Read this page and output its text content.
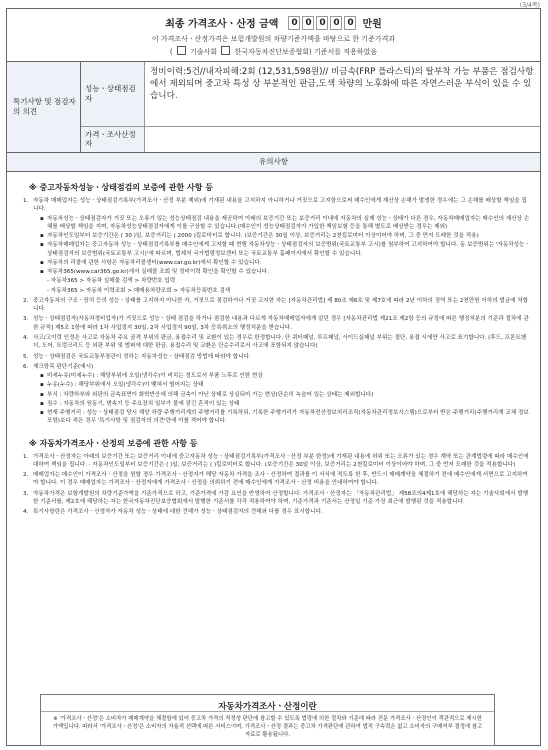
(3/4쪽)
최종 가격조사ㆍ산정 금액	0 0 0 0 0 만원
이 가격조사ㆍ산정가격은 보험개발원의 차량기준가액을 바탕으로 한 기준가격과
( 기술사회 한국자동차진단보증협회) 기준서를 적용하였음
특기사항 및 점검자의 의견
성능ㆍ상태점검자
정비이력:5건//내자피해:2회 (12,531,598원)// 비금속(FRP 플라스틱)의 탈부착 가능 부품은 점검사항에서 제외되며 중고차 특성 상 부분적인 판금,도색 차량의 노후화에 따른 자연스러운 부식이 있을 수 있습니다.
가격ㆍ조사산정자
유의사항
※ 중고자동차성능ㆍ상태점검의 보증에 관한 사항 등
1. 자동차 매매업자는 성능ㆍ상태점검기록부(가격조사ㆍ산정 부분 제외)에 기재된 내용을 고지하지 아니하거나 거짓으로 고지함으로써 매수인에게 재산상 손해가 발생한 경우에는 그 손해를 배상할 책임을 집니다.
▪ 자동차성능ㆍ상태점검자가 거짓 또는 오류가 있는 성능상태점검 내용을 제공하여 아래의 보증기간 또는 보증거리 이내에 자동차의 실제 성능ㆍ상태가 다른 경우, 자동차매매업자는 매수인의 재산상 손해를 배상할 책임을 지며, 자동차성능상태점검자에게 이를 구상할 수 있습니다.(매수인이 성능상태점검자가 가입한 책임보험 등을 통해 별도로 배상받는 경우는 제외)
▪ 자동차인도일부터 보증기간은 ( 30 )일, 보증거리는 ( 2000 )킬로미터로 합니다. (보증기간은 30일 이상, 보증거리는 2천킬로미터 이상이어야 하며, 그 중 먼저 도래한 것을 적용)
▪ 자동차매매업자는 중고자동차 성능ㆍ상태점검기록부를 매수인에게 고지할 때 현행 자동차성능ㆍ상태점검자의 보증범위(국토교통부 고시)를 첨부하여 고지하여야 합니다. 동 보증범위는 '자동차성능ㆍ상태점검자의 보증범위(국토교통부 고시)'에 따르며, 법제처 국가법령정보센터 또는 국토교통부 홈페이지에서 확인할 수 있습니다.
▪ 자동차의 리콜에 관한 사항은 자동차리콜센터(www.car.go.kr)에서 확인할 수 있습니다.
▪ 자동차365(www.car365.go.kr)에서 실매물 조회 및 정비이력 확인을 확인할 수 있습니다.
- 자동차365 > 자동차 실매물 검색 > 차량번호 입력
- 자동차365 > 자동차 이력조회 > 매매용차량조회 > 자동차등록번호 검색
2. 중고자동차의 구조ㆍ장치 등의 성능ㆍ상태를 고지하지 아니한 자, 거짓으로 점검하거나 거짓 고지한 자는 [자동차관리법] 제 80조 제6호 및 제7호에 따라 2년 이하의 징역 또는 2천만원 이하의 벌금에 처합니다.
3. 성능ㆍ상태점검자(자동차정비업자)가 거짓으로 성능ㆍ상태 점검을 하거나 점검한 내용과 다르게 자동차매매업자에게 알린 경우 [자동차관리법 제21조 제2항 등의 규정에 따른 행정처분의 기준과 절차에 관한 규칙] 제5조 1항에 따라 1차 사업정지 30일, 2차 사업정지 90일, 3차 등록취소의 행정처분을 받습니다.
4. 사고/고이력 인정은 사고로 자동차 주요 골격 부위의 판금, 용접수리 및 교환이 있는 경우로 한정합니다. 단 쿼터패널, 루프패널, 사이드실패널 부위는 절단, 용접 시에만 사고로 표기합니다. (후드, 프론트펜더, 도어, 트렁크리드 등 외판 부위 및 범퍼에 대한 판금, 용접수리 및 교환은 단순수리로서 사고에 포함되지 않습니다)
5. 성능ㆍ상태점검은 국토교통부장관이 정하는 자동차성능ㆍ상태점검 방법에 따라야 합니다.
6. 체크항목 판단기준(예시)
▪ 미세누유(미세누수) : 해당부위에 오일(냉각수)이 비치는 정도로서 부품 노후로 인한 현상
▪ 누유(누수) : 해당부위에서 오일(냉각수)이 맺혀서 떨어지는 상태
▪ 부식 : 차량하부와 외판의 금속표면이 화학반응에 의해 금속이 아닌 상태로 상실되어 가는 현상(단순히 녹슬어 있는 상태는 제외합니다)
▪ 침수 : 자동차의 원동기, 변속기 등 주요장치 일부가 물에 잠긴 흔적이 있는 상태
▪ 현재 주행거리 : 성능ㆍ상태점검 당시 해당 차량 주행거리계의 주행거리를 기록하되, 기록한 주행거리가 자동차전산정보처리조직(자동차관리정보시스템)으로부터 받은 주행거리(주행거리계 교체 정보 포함)보다 적은 경우 '특기사항 및 점검자의 의견'란에 이를 적어야 합니다.
※ 자동차가격조사ㆍ산정의 보증에 관한 사항 등
1. 가격조사ㆍ산정자는 아래의 보증기간 또는 보증거리 이내에 중고자동차 성능ㆍ상태점검기록부(가격조사ㆍ산정 부분 한정)에 기재된 내용에 허위 또는 오류가 있는 경우 계약 또는 관계법령에 따라 매수인에 대하여 책임을 집니다. · 자동차인도일부터 보증기간은 ( )일, 보증거리는 ( )킬로미터로 합니다. (보증기간은 30일 이상, 보증거리는 2천킬로미터 이상이어야 하며, 그 중 먼저 도래한 것을 적용합니다)
2. 매매업자는 매수인이 가격조사ㆍ산정을 원할 경우 가격조사ㆍ산정자가 해당 자동차 가격을 조사ㆍ산정하여 결과를 이 서식에 적도록 한 후, 반드시 매매계약을 체결하기 전에 매수인에게 서면으로 고지하여야 합니다. 이 경우 매매업자는 가격조사ㆍ산정자에게 가격조사ㆍ산정을 의뢰하기 전에 매수인에게 가격조사ㆍ산정 비용을 안내하여야 합니다.
3. 자동차가격은 보험개발원의 차량기준가액을 기준가격으로 하고, 기준가격에 가감 요인을 반영하여 산정합니다. 가격조사ㆍ산정자는 「자동차관리법」 제58조의4제1호에 해당하는 자는 기술사회에서 발행한 기준서를, 제2호에 해당하는 자는 한국자동차진단보증협회에서 발행한 기준서를 각각 적용하여야 하며, 기준가격과 기준서는 산정일 기준 가장 최근에 발행된 것을 적용합니다.
4. 특기사항란은 가격조사ㆍ산정자가 자동차 성능ㆍ상태에 대한 견해가 성능ㆍ상태점검자의 견해와 다를 경우 표시합니다.
자동차가격조사ㆍ산정이란
※ '가격조사ㆍ산정'은 소비자가 매매계약을 체결함에 있어 중고차 가격의 적정성 판단에 참고할 수 있도록 법령에 의한 절차와 기준에 따라 전문 가격조사ㆍ산정인이 객관적으로 제시한 가액입니다. 따라서 '가격조사ㆍ산정'은 소비자의 자율적 선택에 따른 서비스이며, 가격조사ㆍ산정 결과는 중고차 가격판단에 관하여 법적 구속력은 없고 소비자의 구매여부 결정에 참고자료로 활용됩니다.
